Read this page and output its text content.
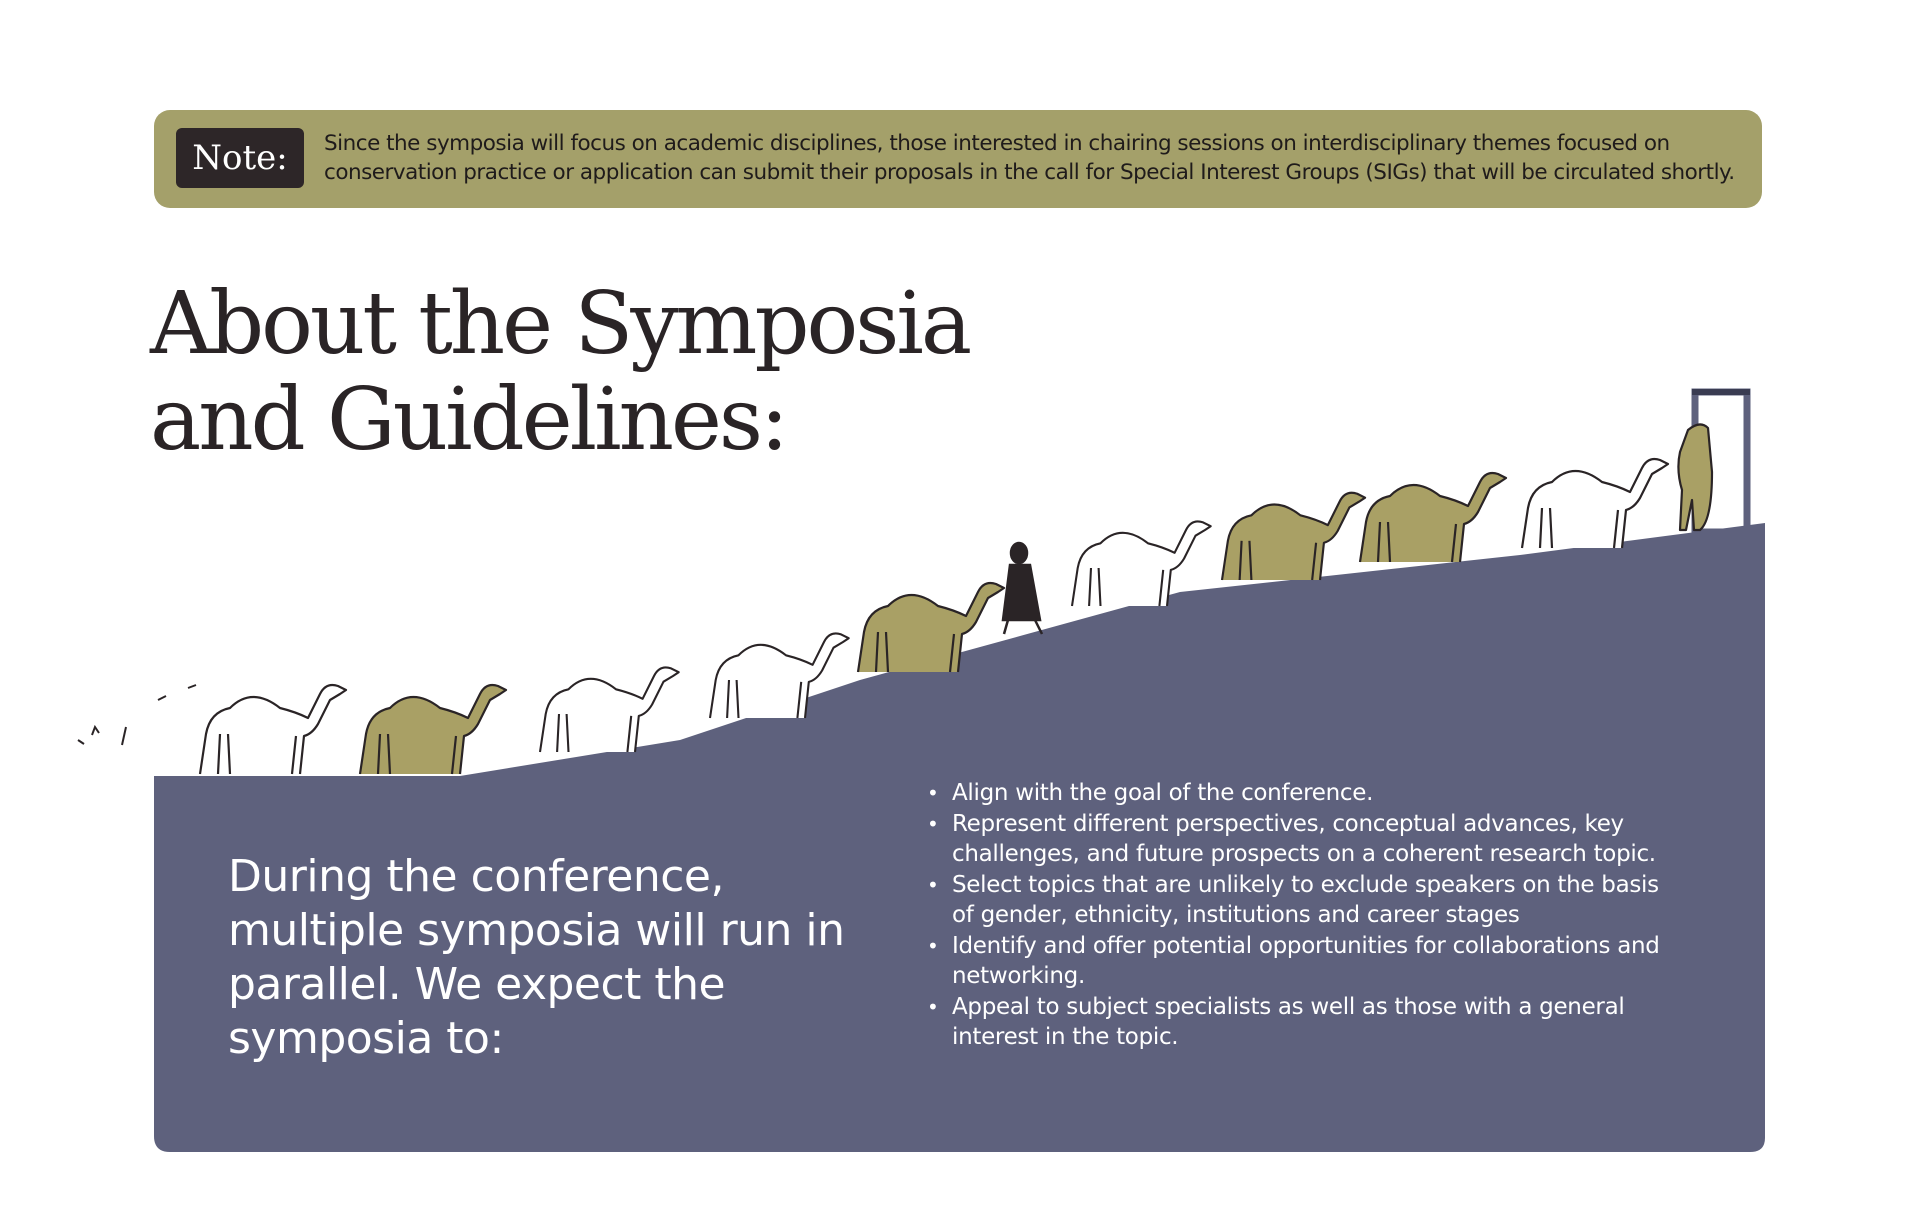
Note:	Since the symposia will focus on academic disciplines, those interested in chairing sessions on interdisciplinary themes focused on conservation practice or application can submit their proposals in the call for Special Interest Groups (SIGs) that will be circulated shortly.
About the Symposia
and Guidelines:
During the conference, multiple symposia will run in parallel. We expect the symposia to:
• Align with the goal of the conference.
• Represent different perspectives, conceptual advances, key challenges, and future prospects on a coherent research topic.
• Select topics that are unlikely to exclude speakers on the basis of gender, ethnicity, institutions and career stages
• Identify and offer potential opportunities for collaborations and networking.
• Appeal to subject specialists as well as those with a general interest in the topic.
